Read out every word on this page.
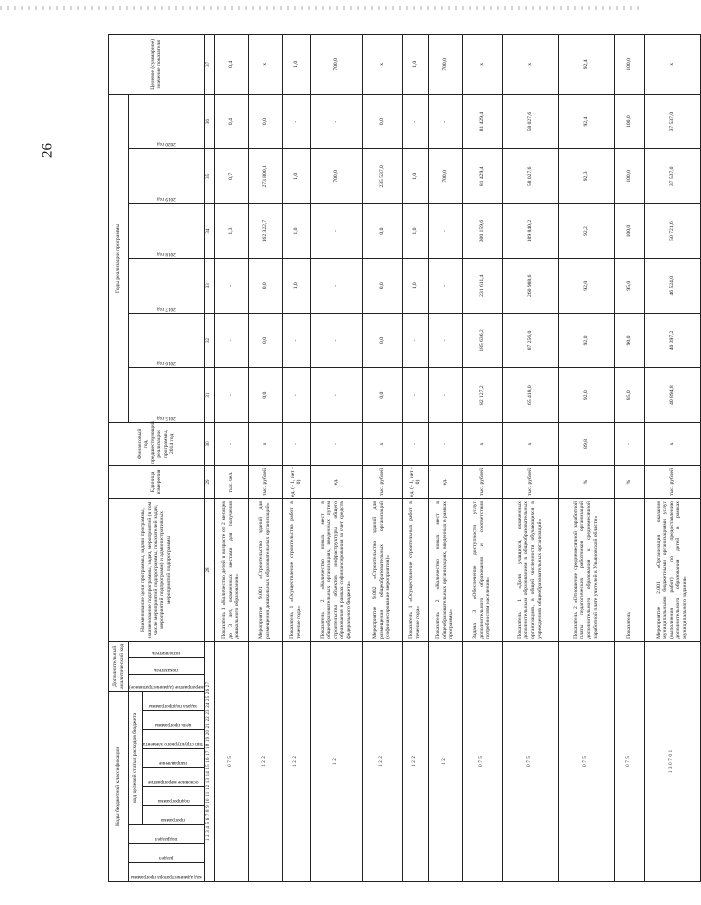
26
Коды бюджетной классификации										Дополнительный аналитический код			Наименование цели программы, задачи программы, наименование подпрограммы, задач, мероприятий (в том числе мероприятий подпрограммы, показателей задач, мероприятий подпрограмм) и административных мероприятий подпрограммы	Единица измерения	Финансовый год, предшествующий реализации программы, 2014 год	Годы реализации программы						Целевое (суммарное) значение показателя

код администратора программы	раздел	подраздел	код целевой статьи расходов бюджета							мероприятие (административное)	показатель	исполнитель				2015 год	2016 год	2017 год	2018 год	2019 год	2020 год	

			программа	подпрограмма	основное мероприятие	направление	тип структурного элемента	цель программы	задача подпрограммы													

1 2 3 4 5 6 7 8 9 10 11 12 13 14 15 16 17 18 19 20 21 22 23 24 25 26 27													28	29	30	31	32	33	34	35	36	37
0 7 5													Показатель 1 «Количество детей в возрасте от 2 месяцев до 3 лет, охваченных местами для получения дошкольного образования»	тыс. чел.	-	-	-	-	1,3	0,7	0,4	0,4
1 2 2													Мероприятие 9.001 «Строительство зданий для размещения дошкольных образовательных организаций»	тыс. рублей	х	0,0	0,0	0,0	162 322,7	273 800,1	0,0	х
1 2 2													Показатель 1 «Осуществление строительства работ в течение года»	ед. (- 1, нет - 0)	-	-	-	1,0	1,0	1,0	-	1,0
1 2													Показатель 2 «Количество новых мест в общеобразовательных организациях, введенных путем строительства объектов инфраструктуры общего образования в рамках софинансирования за счет средств федерального бюджета»	ед.	-	-	-	-	-	700,0	-	700,0
1 2 2													Мероприятие 9.002 «Строительство зданий для размещения общеобразовательных организаций (софинансирование мероприятия)»	тыс. рублей	х	0,0	0,0	0,0	0,0	235 537,0	0,0	х
1 2 2													Показатель 1 «Осуществление строительных работ в течение года»	ед. (- 1, нет - 0)	-	-	-	1,0	1,0	1,0	-	1,0
1 2													Показатель 2 «Количество новых мест в общеобразовательных организациях, введенных в рамках программы»	ед.	-	-	-	-	-	700,0	-	700,0
0 7 5													Задача 3 «Обеспечение доступности услуг дополнительного образования и соответствия потребностям населения»	тыс. рублей	х	82 127,2	185 636,2	231 611,4	300 159,6	81 429,4	81 429,4	х
0 7 5													Показатель 1 «Доля учащихся, охваченных дополнительным образованием в общеобразовательных организациях, в общей численности обучающихся в учреждениях общеобразовательных организаций»	тыс. рублей	х	65 418,0	87 256,0	260 988,6	189 840,2	58 027,6	58 027,6	х
0 7 5													Показатель 2 «Отношение среднемесячной заработной платы педагогических работников организаций дополнительного образования к среднемесячной заработной плате учителей в Ульяновской области»	%	89,8	92,0	92,0	92,0	92,2	92,3	92,4	92,4
0 7 5													Показатель	%	-	85,0	90,0	95,0	100,0	100,0	100,0	100,0
1 3 0 7 0 1													Мероприятие 2.001 «Организация оказания муниципальными бюджетными организациями услуг (выполнения работ) по предоставлению дополнительного образования детей в рамках муниципального задания»	тыс. рублей	х	40 894,8	40 397,2	46 524,0	50 721,6	37 537,0	37 537,0	х
